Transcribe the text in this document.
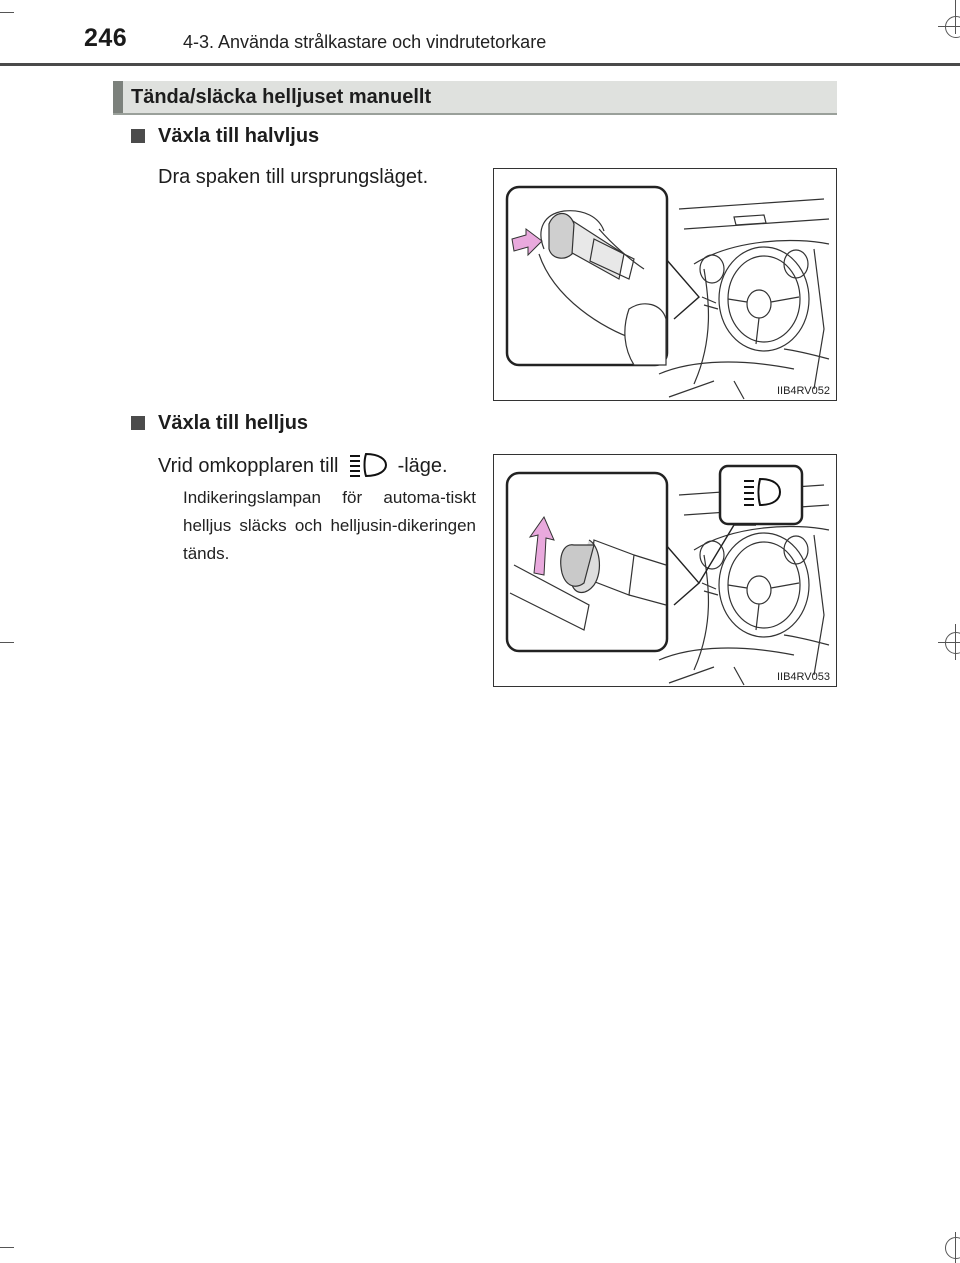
246	4-3. Använda strålkastare och vindrutetorkare
Tända/släcka helljuset manuellt
Växla till halvljus
Dra spaken till ursprungsläget.
IIB4RV052
Växla till helljus
Vrid omkopplaren till	-läge.
Indikeringslampan för automa-tiskt helljus släcks och helljusin-dikeringen tänds.
IIB4RV053
